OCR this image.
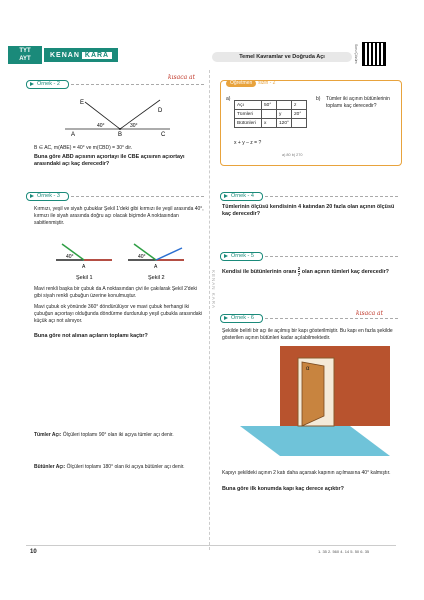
TYT
AYT
KENAN KARA	Temel Kavramlar ve Doğruda Açı	Soru Çözüm
KENAN KARA
Örnek - 2
kısaca at
E
D
A	B	C
40°	30°
B ∈ AC, m(ABE) = 40° ve m(CBD) = 30° dir.
Buna göre ABD açısının açıortayı ile CBE açısının açıortayı arasındaki açı kaç derecedir?
Örnek - 3
Kırmızı, yeşil ve siyah çubuklar Şekil 1'deki gibi kırmızı ile yeşil arasında 40°, kırmızı ile siyah arasında doğru açı olacak biçimde A noktasından sabitlenmiştir.
40°
A
Şekil 1
40°
A
Şekil 2
Mavi renkli başka bir çubuk da A noktasından çivi ile çakılarak Şekil 2'deki gibi siyah renkli çubuğun üzerine konulmuştur.
Mavi çubuk ok yönünde 360° döndürülüyor ve mavi çubuk herhangi iki çubuğun açıortayı olduğunda döndürme durdurulup yeşil çubukla arasındaki küçük açı not alınıyor.
Buna göre not alınan açıların toplamı kaçtır?
Tümler Açı: Ölçüleri toplamı 90° olan iki açıya tümler açı denir.
Bütünler Açı: Ölçüleri toplamı 180° olan iki açıya bütünler açı denir.
Öğretmen	sizin - 2
a)
Açı	50°		z
Tümleri		y	20°
Bütünleri	x	120°	
b) Tümler iki açının bütünlerinin toplamı kaç derecedir?
x + y – z = ?
a) 80 b) 270
Örnek - 4
Tümlerinin ölçüsü kendisinin 4 katından 20 fazla olan açının ölçüsü kaç derecedir?
Örnek - 5
Kendisi ile bütünlerinin oranı $\frac{2}{7}$ olan açının tümleri kaç derecedir?
Örnek - 6
kısaca at
Şekilde belirli bir açı ile açılmış bir kapı gösterilmiştir. Bu kapı en fazla şekilde gösterilen açının bütünleri kadar açılabilmektedir.
α
Kapıyı şekildeki açının 2 katı daha açarsak kapının açılmasına 40° kalmıştır.
Buna göre ilk konumda kapı kaç derece açıktır?
10	1. 35 2. 560 4. 14 5. 50 6. 35
